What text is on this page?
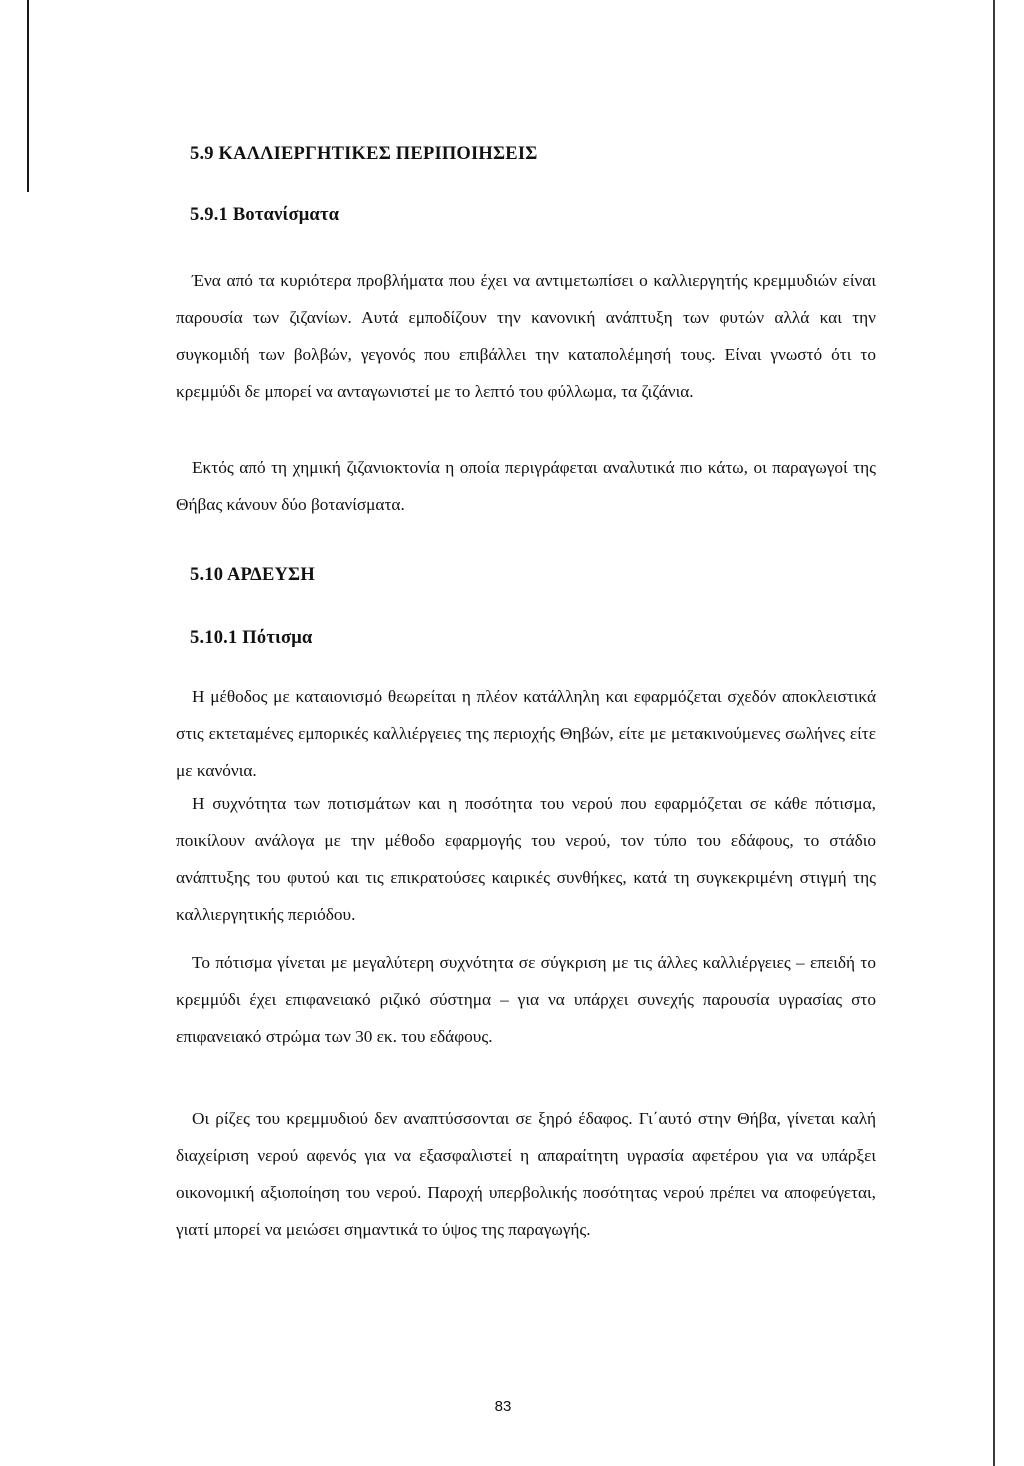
5.9 ΚΑΛΛΙΕΡΓΗΤΙΚΕΣ ΠΕΡΙΠΟΙΗΣΕΙΣ
5.9.1 Βοτανίσματα

Ένα από τα κυριότερα προβλήματα που έχει να αντιμετωπίσει ο καλλιεργητής κρεμμυδιών είναι παρουσία των ζιζανίων. Αυτά εμποδίζουν την κανονική ανάπτυξη των φυτών αλλά και την συγκομιδή των βολβών, γεγονός που επιβάλλει την καταπολέμησή τους. Είναι γνωστό ότι το κρεμμύδι δε μπορεί να ανταγωνιστεί με το λεπτό του φύλλωμα, τα ζιζάνια.

Εκτός από τη χημική ζιζανιοκτονία η οποία περιγράφεται αναλυτικά πιο κάτω, οι παραγωγοί της Θήβας κάνουν δύο βοτανίσματα.

5.10 ΑΡΔΕΥΣΗ
5.10.1 Πότισμα

Η μέθοδος με καταιονισμό θεωρείται η πλέον κατάλληλη και εφαρμόζεται σχεδόν αποκλειστικά στις εκτεταμένες εμπορικές καλλιέργειες της περιοχής Θηβών, είτε με μετακινούμενες σωλήνες είτε με κανόνια.

Η συχνότητα των ποτισμάτων και η ποσότητα του νερού που εφαρμόζεται σε κάθε πότισμα, ποικίλουν ανάλογα με την μέθοδο εφαρμογής του νερού, τον τύπο του εδάφους, το στάδιο ανάπτυξης του φυτού και τις επικρατούσες καιρικές συνθήκες, κατά τη συγκεκριμένη στιγμή της καλλιεργητικής περιόδου.

Το πότισμα γίνεται με μεγαλύτερη συχνότητα σε σύγκριση με τις άλλες καλλιέργειες – επειδή το κρεμμύδι έχει επιφανειακό ριζικό σύστημα – για να υπάρχει συνεχής παρουσία υγρασίας στο επιφανειακό στρώμα των 30 εκ. του εδάφους.

Οι ρίζες του κρεμμυδιού δεν αναπτύσσονται σε ξηρό έδαφος. Γι΄αυτό στην Θήβα, γίνεται καλή διαχείριση νερού αφενός για να εξασφαλιστεί η απαραίτητη υγρασία αφετέρου για να υπάρξει οικονομική αξιοποίηση του νερού. Παροχή υπερβολικής ποσότητας νερού πρέπει να αποφεύγεται, γιατί μπορεί να μειώσει σημαντικά το ύψος της παραγωγής.

83
